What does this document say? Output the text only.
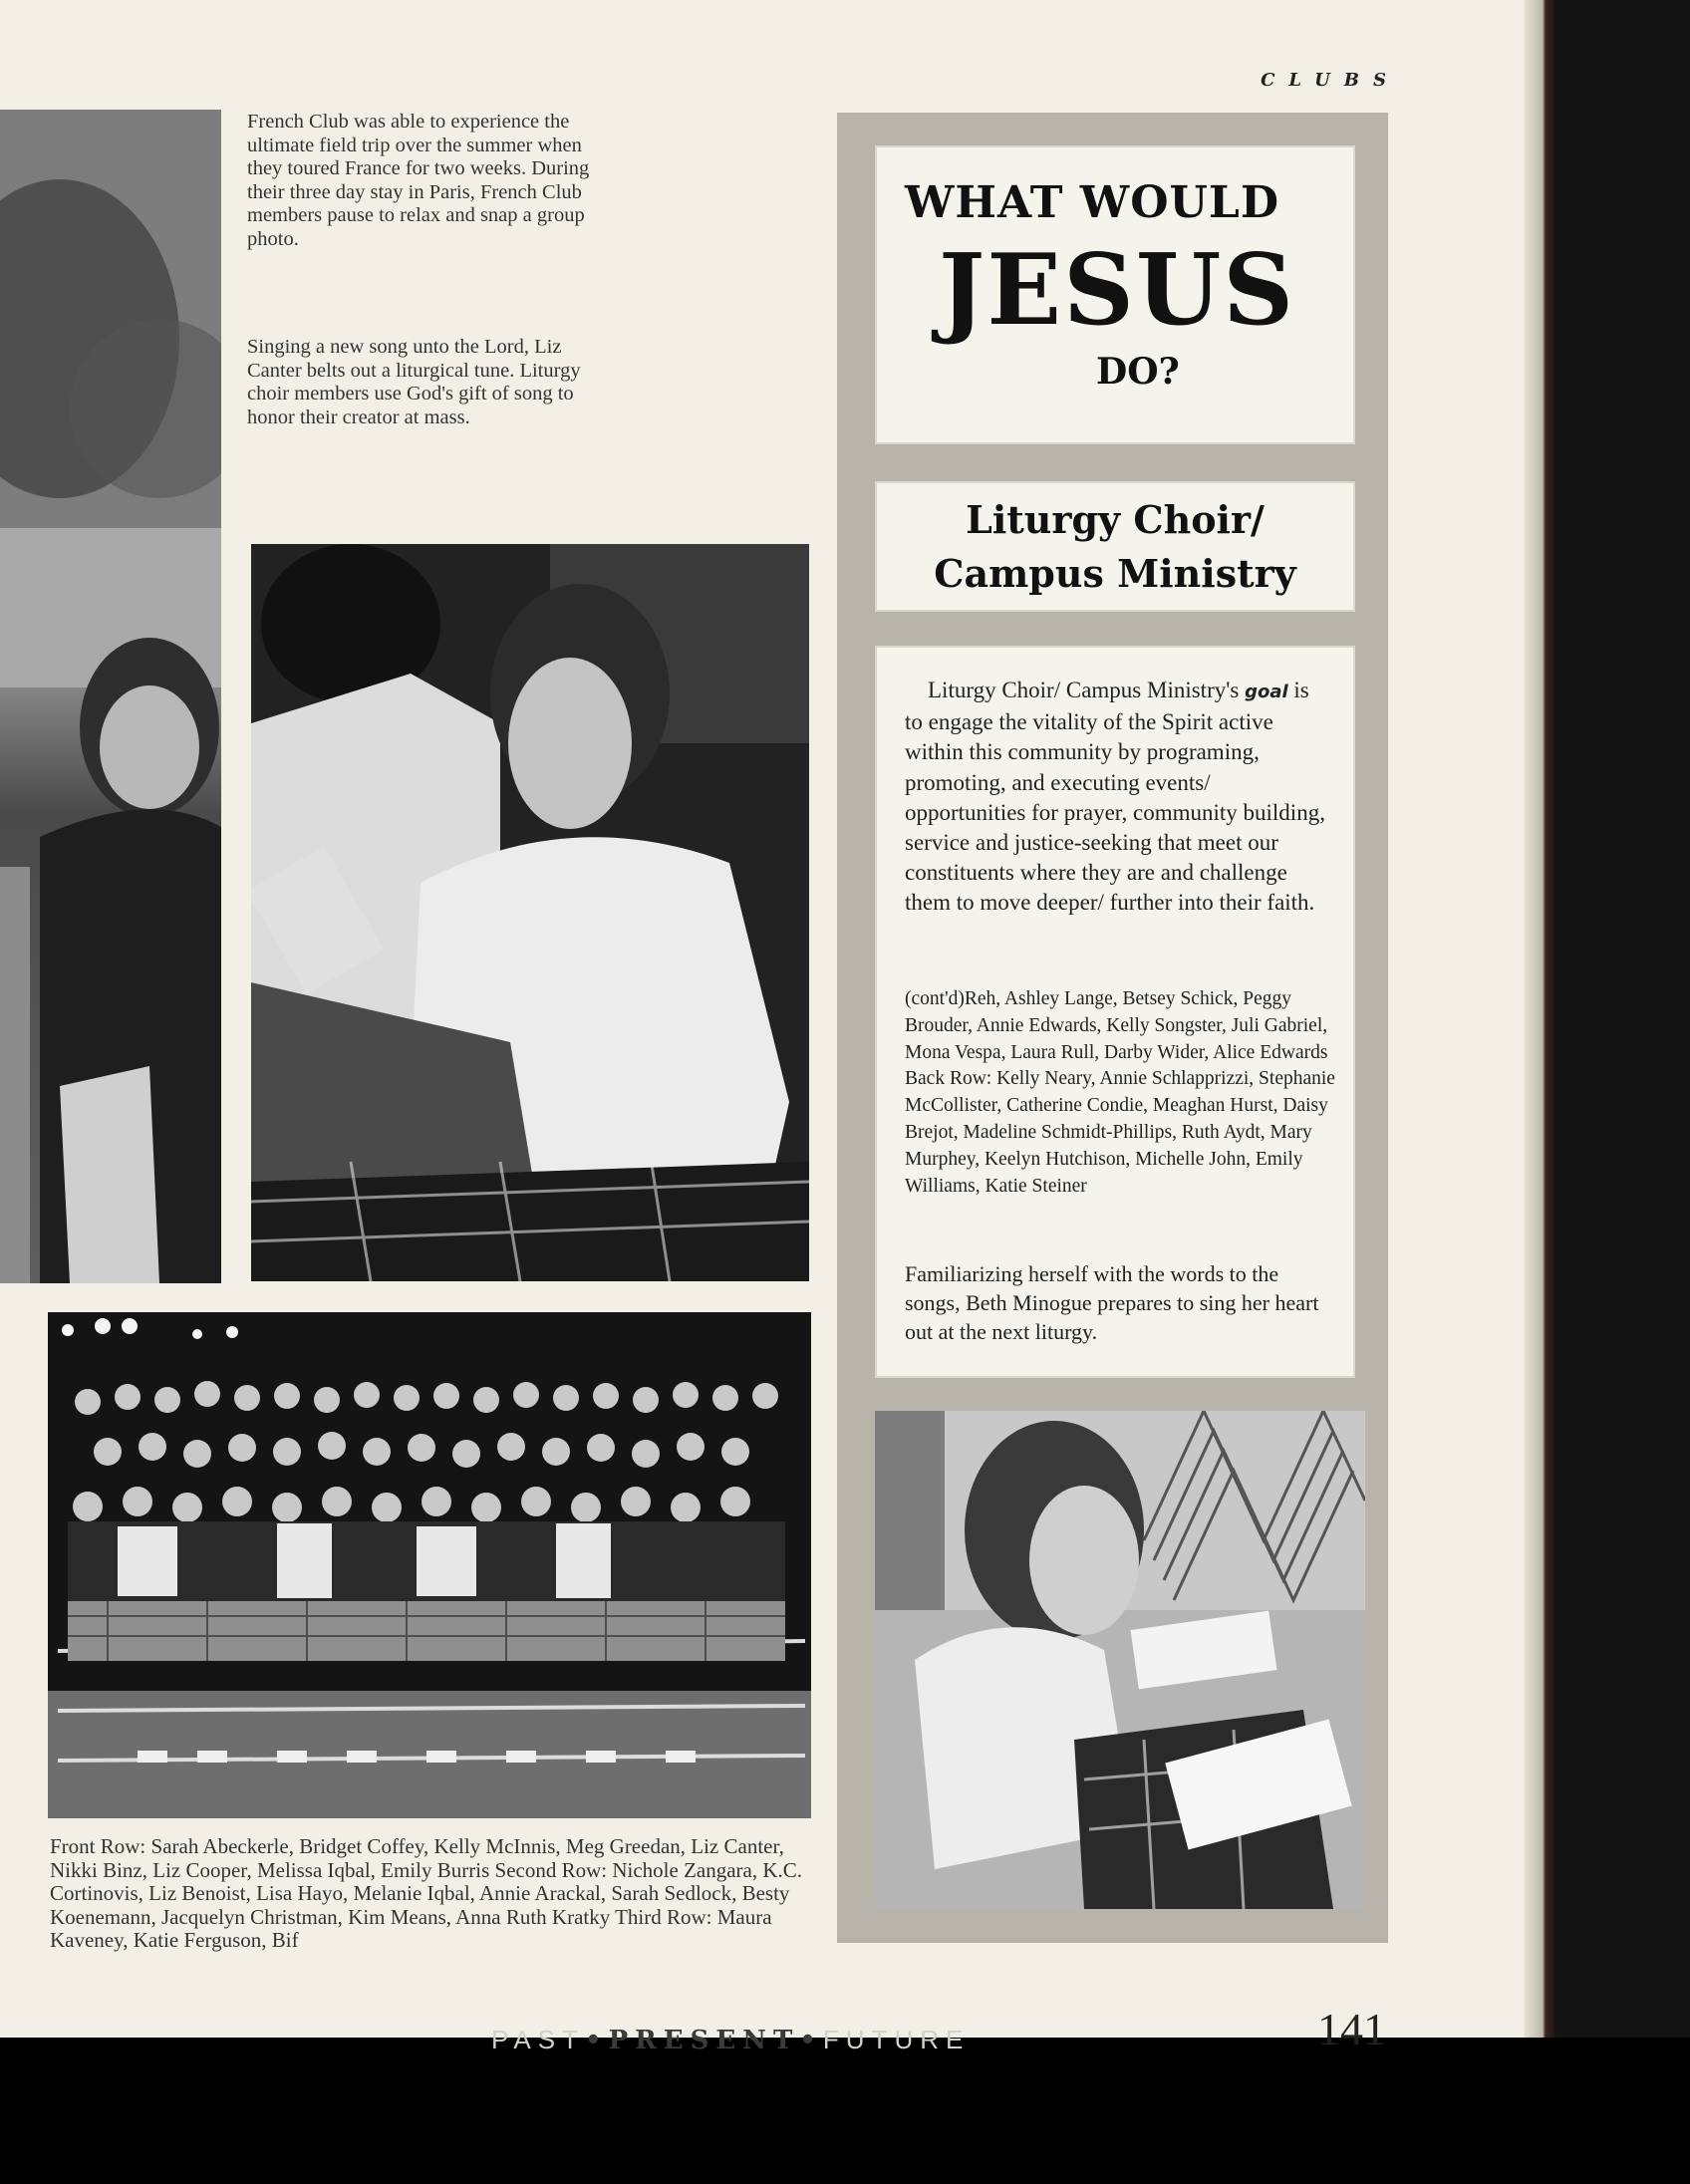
French Club was able to experience the ultimate field trip over the summer when they toured France for two weeks. During their three day stay in Paris, French Club members pause to relax and snap a group photo.
Singing a new song unto the Lord, Liz Canter belts out a liturgical tune. Liturgy choir members use God's gift of song to honor their creator at mass.
Front Row: Sarah Abeckerle, Bridget Coffey, Kelly McInnis, Meg Greedan, Liz Canter, Nikki Binz, Liz Cooper, Melissa Iqbal, Emily Burris Second Row: Nichole Zangara, K.C. Cortinovis, Liz Benoist, Lisa Hayo, Melanie Iqbal, Annie Arackal, Sarah Sedlock, Besty Koenemann, Jacquelyn Christman, Kim Means, Anna Ruth Kratky Third Row: Maura Kaveney, Katie Ferguson, Bif
CLUBS
WHAT WOULD
JESUS
DO?
Liturgy Choir/
Campus Ministry
Liturgy Choir/ Campus Ministry's goal is to engage the vitality of the Spirit active within this community by programing, promoting, and executing events/ opportunities for prayer, community building, service and justice-seeking that meet our constituents where they are and challenge them to move deeper/ further into their faith.
(cont'd)Reh, Ashley Lange, Betsey Schick, Peggy Brouder, Annie Edwards, Kelly Songster, Juli Gabriel, Mona Vespa, Laura Rull, Darby Wider, Alice Edwards Back Row: Kelly Neary, Annie Schlapprizzi, Stephanie McCollister, Catherine Condie, Meaghan Hurst, Daisy Brejot, Madeline Schmidt-Phillips, Ruth Aydt, Mary Murphey, Keelyn Hutchison, Michelle John, Emily Williams, Katie Steiner
Familiarizing herself with the words to the songs, Beth Minogue prepares to sing her heart out at the next liturgy.
PAST•PRESENT•FUTURE	141
